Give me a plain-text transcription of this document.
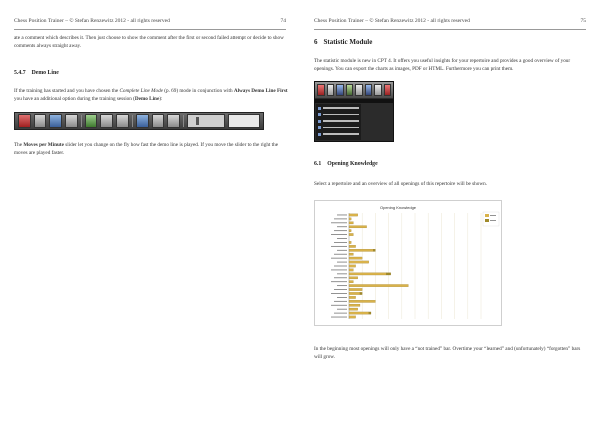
Chess Position Trainer – © Stefan Renzewitz 2012 - all rights reserved	74
ate a comment which describes it. Then just choose to show the comment after the first or second failed attempt or decide to show comments always straight away.
5.4.7 Demo Line
If the training has started and you have chosen the Complete Line Mode (p. 69) mode in conjunction with Always Demo Line First you have an additional option during the training session (Demo Line):
The Moves per Minute slider let you change on the fly how fast the demo line is played. If you move the slider to the right the moves are played faster.
Chess Position Trainer – © Stefan Renzewitz 2012 - all rights reserved	75
6 Statistic Module
The statistic module is new in CPT 4. It offers you useful insights for your repertoire and provides a good overview of your openings. You can export the charts as images, PDF or HTML. Furthermore you can print them.
6.1 Opening Knowledge
Select a repertoire and an overview of all openings of this repertoire will be shown.
Opening Knowledge
In the beginning most openings will only have a “not trained” bar. Overtime your “learned” and (unfortunately) “forgotten” bars will grow.
